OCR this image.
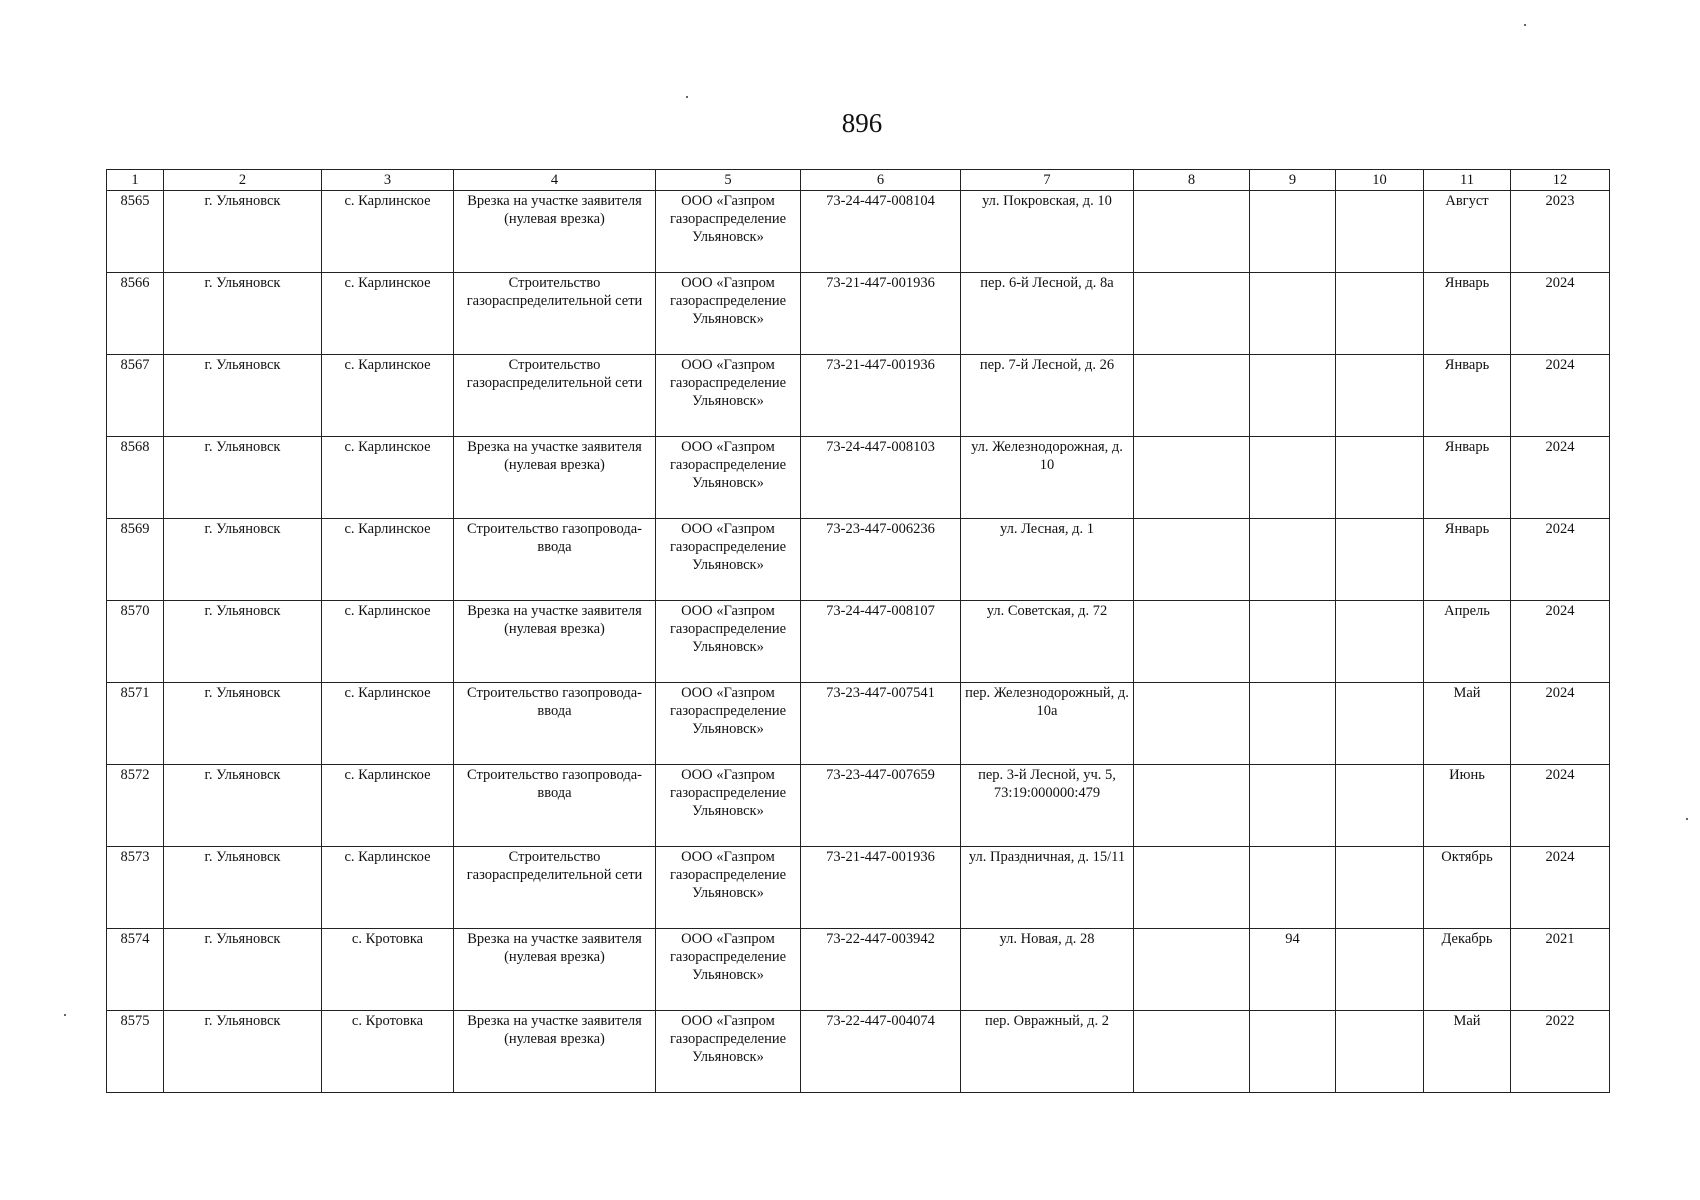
896
1	2	3	4	5	6	7	8	9	10	11	12
8565	г. Ульяновск	с. Карлинское	Врезка на участке заявителя (нулевая врезка)	ООО «Газпром газораспределение Ульяновск»	73-24-447-008104	ул. Покровская, д. 10				Август	2023
8566	г. Ульяновск	с. Карлинское	Строительство газораспределительной сети	ООО «Газпром газораспределение Ульяновск»	73-21-447-001936	пер. 6-й Лесной, д. 8а				Январь	2024
8567	г. Ульяновск	с. Карлинское	Строительство газораспределительной сети	ООО «Газпром газораспределение Ульяновск»	73-21-447-001936	пер. 7-й Лесной, д. 26				Январь	2024
8568	г. Ульяновск	с. Карлинское	Врезка на участке заявителя (нулевая врезка)	ООО «Газпром газораспределение Ульяновск»	73-24-447-008103	ул. Железнодорожная, д. 10				Январь	2024
8569	г. Ульяновск	с. Карлинское	Строительство газопровода-ввода	ООО «Газпром газораспределение Ульяновск»	73-23-447-006236	ул. Лесная, д. 1				Январь	2024
8570	г. Ульяновск	с. Карлинское	Врезка на участке заявителя (нулевая врезка)	ООО «Газпром газораспределение Ульяновск»	73-24-447-008107	ул. Советская, д. 72				Апрель	2024
8571	г. Ульяновск	с. Карлинское	Строительство газопровода-ввода	ООО «Газпром газораспределение Ульяновск»	73-23-447-007541	пер. Железнодорожный, д. 10а				Май	2024
8572	г. Ульяновск	с. Карлинское	Строительство газопровода-ввода	ООО «Газпром газораспределение Ульяновск»	73-23-447-007659	пер. 3-й Лесной, уч. 5, 73:19:000000:479				Июнь	2024
8573	г. Ульяновск	с. Карлинское	Строительство газораспределительной сети	ООО «Газпром газораспределение Ульяновск»	73-21-447-001936	ул. Праздничная, д. 15/11				Октябрь	2024
8574	г. Ульяновск	с. Кротовка	Врезка на участке заявителя (нулевая врезка)	ООО «Газпром газораспределение Ульяновск»	73-22-447-003942	ул. Новая, д. 28		94		Декабрь	2021
8575	г. Ульяновск	с. Кротовка	Врезка на участке заявителя (нулевая врезка)	ООО «Газпром газораспределение Ульяновск»	73-22-447-004074	пер. Овражный, д. 2				Май	2022
